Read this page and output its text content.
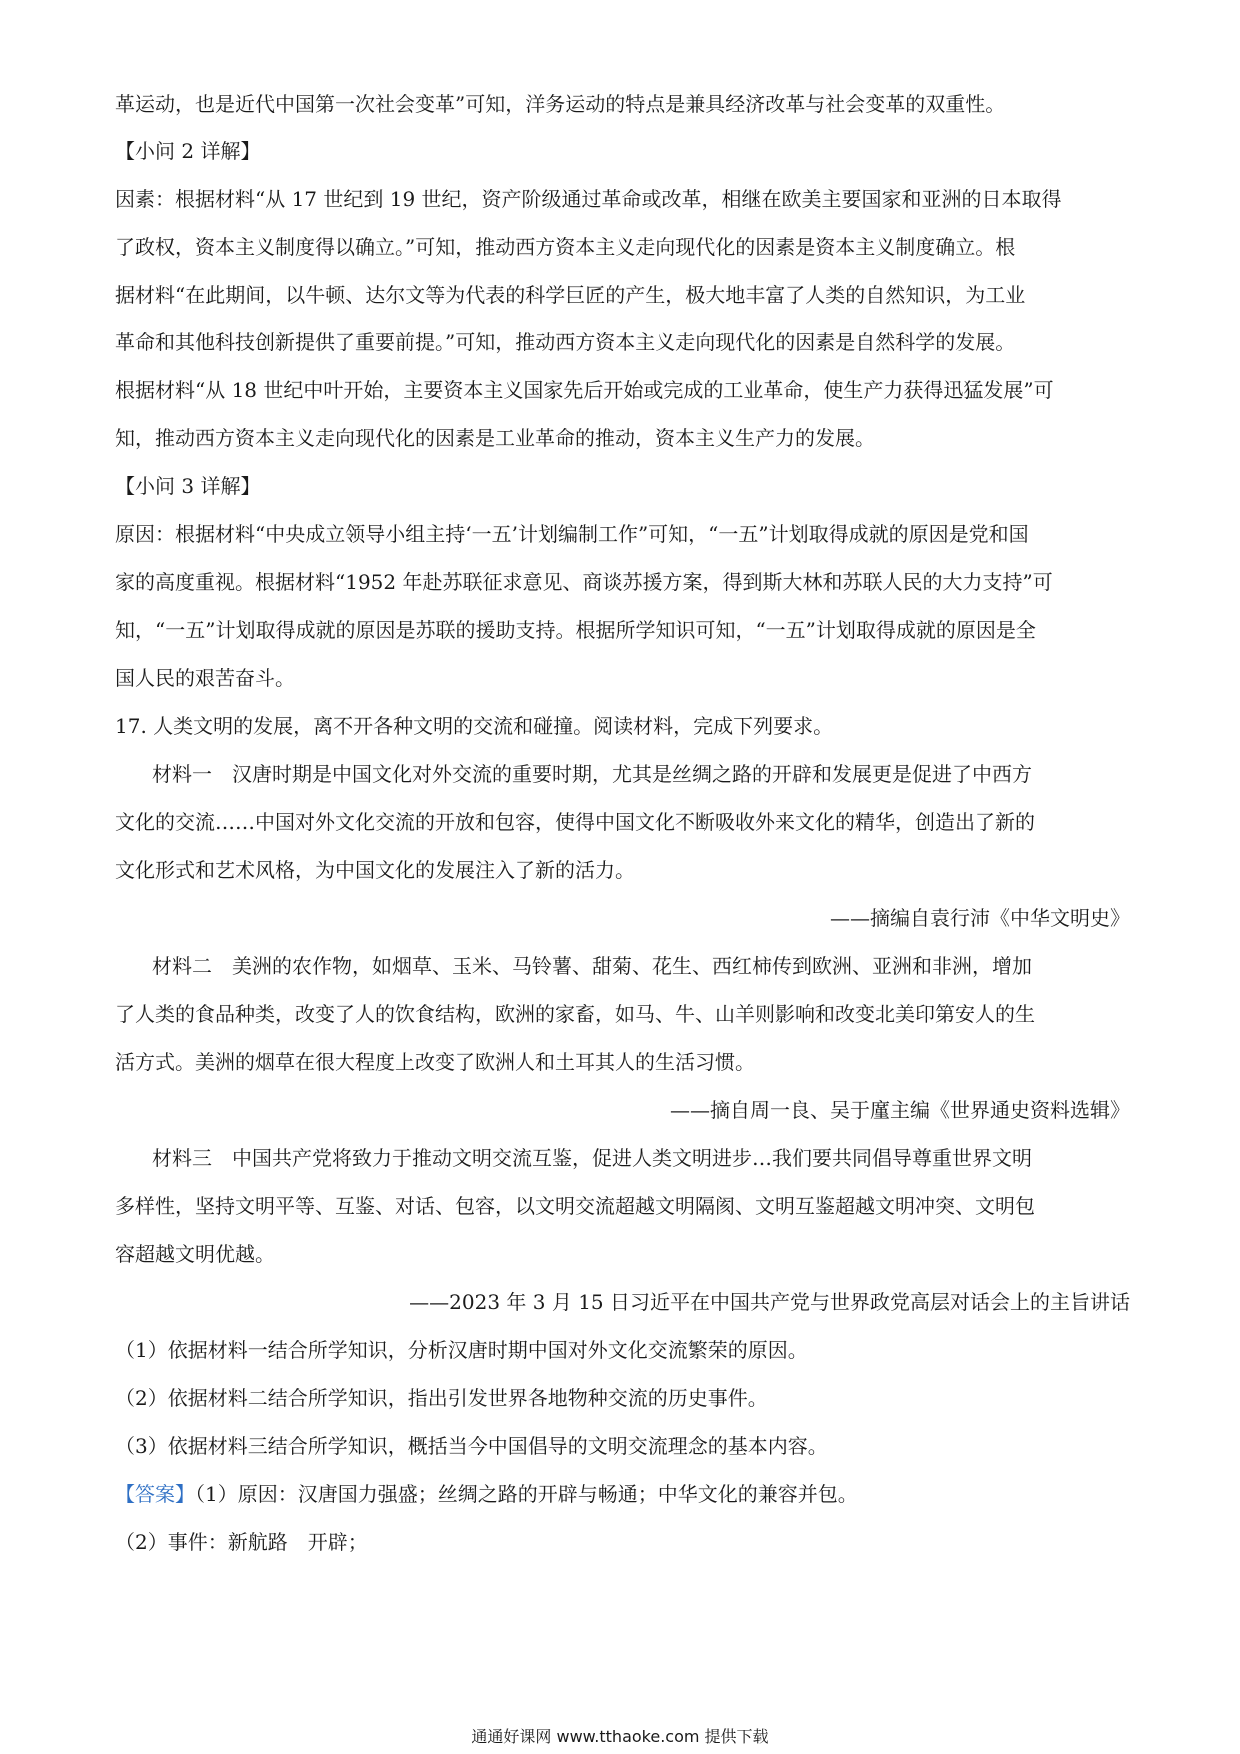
革运动，也是近代中国第一次社会变革”可知，洋务运动的特点是兼具经济改革与社会变革的双重性。
【小问 2 详解】
因素：根据材料“从 17 世纪到 19 世纪，资产阶级通过革命或改革，相继在欧美主要国家和亚洲的日本取得
了政权，资本主义制度得以确立。”可知，推动西方资本主义走向现代化的因素是资本主义制度确立。根
据材料“在此期间，以牛顿、达尔文等为代表的科学巨匠的产生，极大地丰富了人类的自然知识，为工业
革命和其他科技创新提供了重要前提。”可知，推动西方资本主义走向现代化的因素是自然科学的发展。
根据材料“从 18 世纪中叶开始，主要资本主义国家先后开始或完成的工业革命，使生产力获得迅猛发展”可
知，推动西方资本主义走向现代化的因素是工业革命的推动，资本主义生产力的发展。
【小问 3 详解】
原因：根据材料“中央成立领导小组主持‘一五’计划编制工作”可知，“一五”计划取得成就的原因是党和国
家的高度重视。根据材料“1952 年赴苏联征求意见、商谈苏援方案，得到斯大林和苏联人民的大力支持”可
知，“一五”计划取得成就的原因是苏联的援助支持。根据所学知识可知，“一五”计划取得成就的原因是全
国人民的艰苦奋斗。
17. 人类文明的发展，离不开各种文明的交流和碰撞。阅读材料，完成下列要求。
材料一　汉唐时期是中国文化对外交流的重要时期，尤其是丝绸之路的开辟和发展更是促进了中西方
文化的交流……中国对外文化交流的开放和包容，使得中国文化不断吸收外来文化的精华，创造出了新的
文化形式和艺术风格，为中国文化的发展注入了新的活力。
——摘编自袁行沛《中华文明史》
材料二　美洲的农作物，如烟草、玉米、马铃薯、甜菊、花生、西红柿传到欧洲、亚洲和非洲，增加
了人类的食品种类，改变了人的饮食结构，欧洲的家畜，如马、牛、山羊则影响和改变北美印第安人的生
活方式。美洲的烟草在很大程度上改变了欧洲人和土耳其人的生活习惯。
——摘自周一良、吴于廑主编《世界通史资料选辑》
材料三　中国共产党将致力于推动文明交流互鉴，促进人类文明进步…我们要共同倡导尊重世界文明
多样性，坚持文明平等、互鉴、对话、包容，以文明交流超越文明隔阂、文明互鉴超越文明冲突、文明包
容超越文明优越。
——2023 年 3 月 15 日习近平在中国共产党与世界政党高层对话会上的主旨讲话
（1）依据材料一结合所学知识，分析汉唐时期中国对外文化交流繁荣的原因。
（2）依据材料二结合所学知识，指出引发世界各地物种交流的历史事件。
（3）依据材料三结合所学知识，概括当今中国倡导的文明交流理念的基本内容。
【答案】（1）原因：汉唐国力强盛；丝绸之路的开辟与畅通；中华文化的兼容并包。
（2）事件：新航路　开辟；
通通好课网 www.tthaoke.com 提供下载
